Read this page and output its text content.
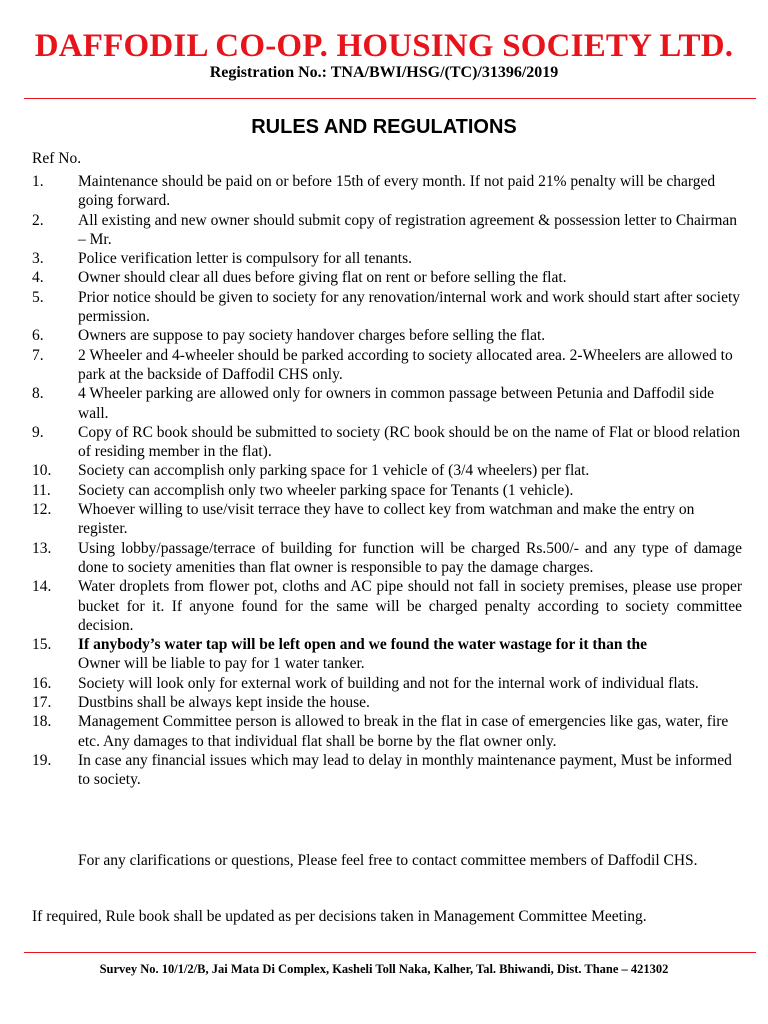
DAFFODIL CO-OP. HOUSING SOCIETY LTD.
Registration No.: TNA/BWI/HSG/(TC)/31396/2019
RULES AND REGULATIONS
Ref No.
1.	Maintenance should be paid on or before 15th of every month. If not paid 21% penalty will be charged going forward.
2.	All existing and new owner should submit copy of registration agreement & possession letter to Chairman – Mr.
3.	Police verification letter is compulsory for all tenants.
4.	Owner should clear all dues before giving flat on rent or before selling the flat.
5.	Prior notice should be given to society for any renovation/internal work and work should start after society permission.
6.	Owners are suppose to pay society handover charges before selling the flat.
7.	2 Wheeler and 4-wheeler should be parked according to society allocated area. 2-Wheelers are allowed to park at the backside of Daffodil CHS only.
8.	4 Wheeler parking are allowed only for owners in common passage between Petunia and Daffodil side wall.
9.	Copy of RC book should be submitted to society (RC book should be on the name of Flat or blood relation of residing member in the flat).
10.	Society can accomplish only parking space for 1 vehicle of (3/4 wheelers) per flat.
11.	Society can accomplish only two wheeler parking space for Tenants (1 vehicle).
12.	Whoever willing to use/visit terrace they have to collect key from watchman and make the entry on register.
13.	Using lobby/passage/terrace of building for function will be charged Rs.500/- and any type of damage done to society amenities than flat owner is responsible to pay the damage charges.
14.	Water droplets from flower pot, cloths and AC pipe should not fall in society premises, please use proper bucket for it. If anyone found for the same will be charged penalty according to society committee decision.
15.	If anybody’s water tap will be left open and we found the water wastage for it than the
Owner will be liable to pay for 1 water tanker.
16.	Society will look only for external work of building and not for the internal work of individual flats.
17.	Dustbins shall be always kept inside the house.
18.	Management Committee person is allowed to break in the flat in case of emergencies like gas, water, fire etc. Any damages to that individual flat shall be borne by the flat owner only.
19.	In case any financial issues which may lead to delay in monthly maintenance payment, Must be informed to society.
For any clarifications or questions, Please feel free to contact committee members of Daffodil CHS.
If required, Rule book shall be updated as per decisions taken in Management Committee Meeting.
Survey No. 10/1/2/B, Jai Mata Di Complex, Kasheli Toll Naka, Kalher, Tal. Bhiwandi, Dist. Thane – 421302
